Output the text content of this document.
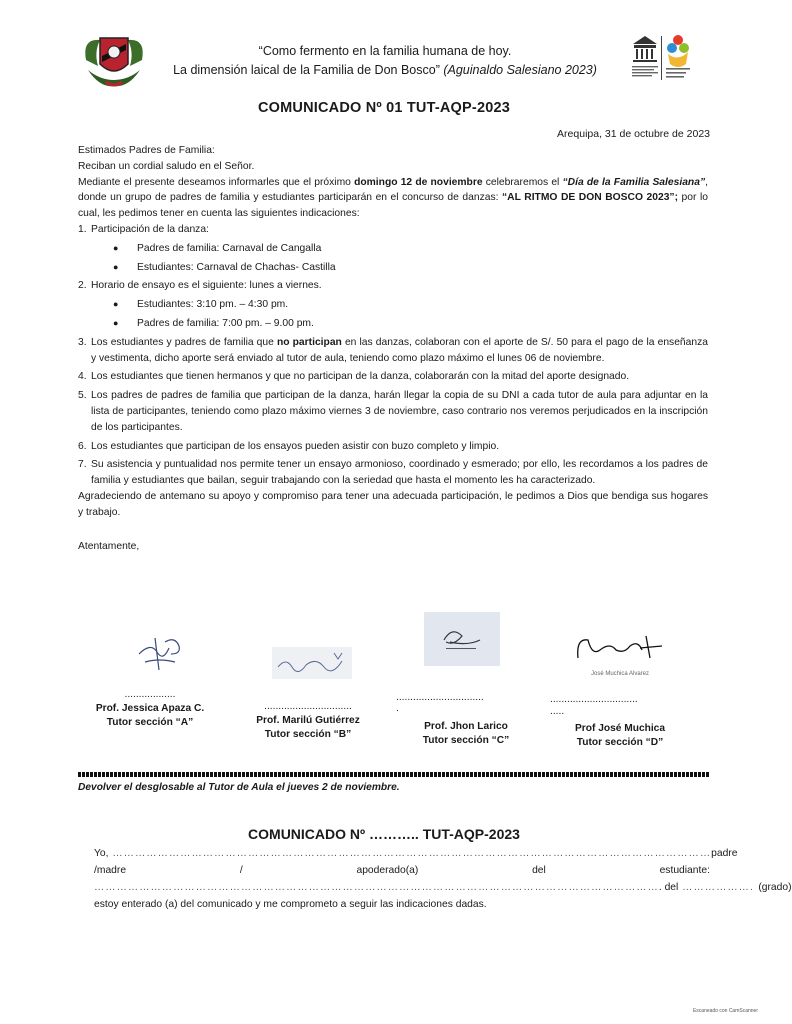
“Como fermento en la familia humana de hoy.
La dimensión laical de la Familia de Don Bosco” (Aguinaldo Salesiano 2023)
COMUNICADO Nº 01 TUT-AQP-2023
Arequipa, 31 de octubre de 2023

Estimados Padres de Familia:

Reciban un cordial saludo en el Señor.

Mediante el presente deseamos informarles que el próximo domingo 12 de noviembre celebraremos el “Día de la Familia Salesiana”, donde un grupo de padres de familia y estudiantes participarán en el concurso de danzas: “AL RITMO DE DON BOSCO 2023”; por lo cual, les pedimos tener en cuenta las siguientes indicaciones:

1. Participación de la danza:
● Padres de familia: Carnaval de Cangalla
● Estudiantes: Carnaval de Chachas- Castilla
2. Horario de ensayo es el siguiente: lunes a viernes.
● Estudiantes: 3:10 pm. – 4:30 pm.
● Padres de familia: 7:00 pm. – 9.00 pm.
3. Los estudiantes y padres de familia que no participan en las danzas, colaboran con el aporte de S/. 50 para el pago de la enseñanza y vestimenta, dicho aporte será enviado al tutor de aula, teniendo como plazo máximo el lunes 06 de noviembre.
4. Los estudiantes que tienen hermanos y que no participan de la danza, colaborarán con la mitad del aporte designado.
5. Los padres de padres de familia que participan de la danza, harán llegar la copia de su DNI a cada tutor de aula para adjuntar en la lista de participantes, teniendo como plazo máximo viernes 3 de noviembre, caso contrario nos veremos perjudicados en la inscripción de los participantes.
6. Los estudiantes que participan de los ensayos pueden asistir con buzo completo y limpio.
7. Su asistencia y puntualidad nos permite tener un ensayo armonioso, coordinado y esmerado; por ello, les recordamos a los padres de familia y estudiantes que bailan, seguir trabajando con la seriedad que hasta el momento les ha caracterizado.

Agradeciendo de antemano su apoyo y compromiso para tener una adecuada participación, le pedimos a Dios que bendiga sus hogares y trabajo.

Atentamente,

José Muchica Alvarez
..................
Prof. Jessica Apaza C.
Tutor sección “A”
...............................
Prof. Marilú Gutiérrez
Tutor sección “B”
...............................
.
Prof. Jhon Larico
Tutor sección “C”
...............................
.....
Prof José Muchica
Tutor sección “D”
Devolver el desglosable al Tutor de Aula el jueves 2 de noviembre.
COMUNICADO Nº ……….. TUT-AQP-2023
Yo, …………………………………………………………………………………………………………………………………………… padre
/madre	/	apoderado(a)	del	estudiante:
…………………………………………………………………………………………………………………………………… . del ………………. (grado)
estoy enterado (a) del comunicado y me comprometo a seguir las indicaciones dadas.
Escaneado con CamScanner
